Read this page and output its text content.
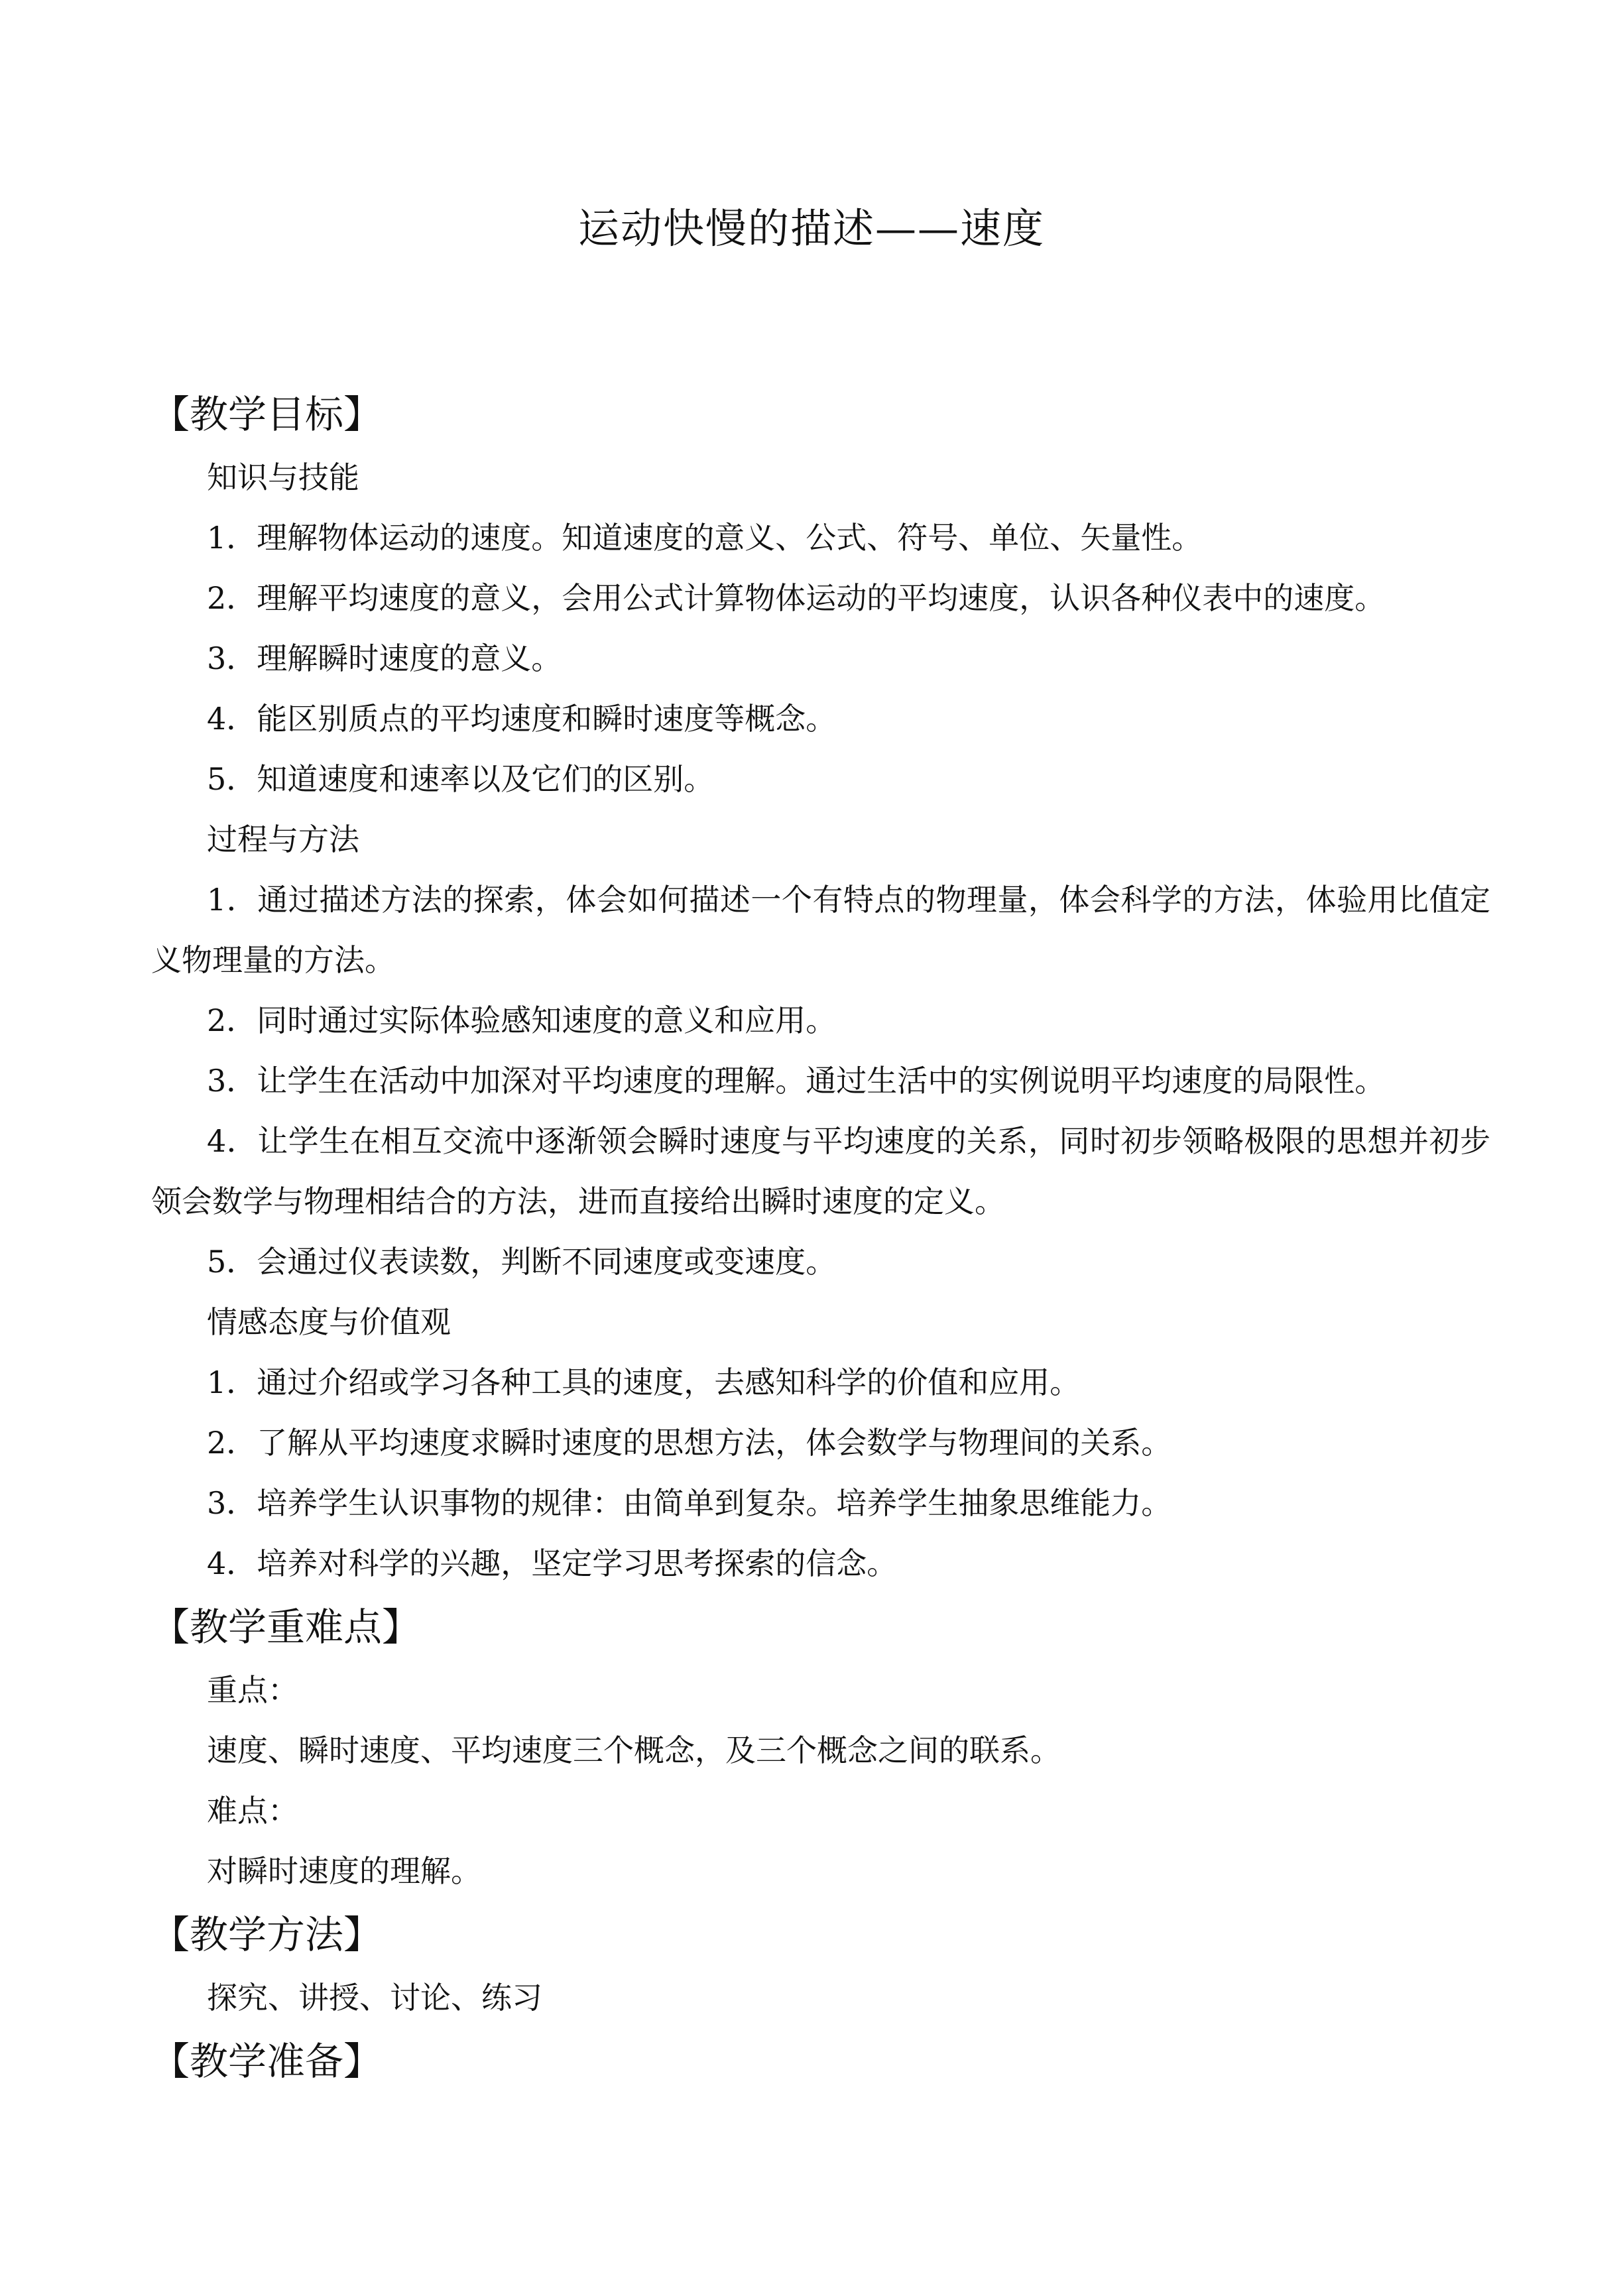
运动快慢的描述——速度
【教学目标】
知识与技能

1．理解物体运动的速度。知道速度的意义、公式、符号、单位、矢量性。

2．理解平均速度的意义，会用公式计算物体运动的平均速度，认识各种仪表中的速度。

3．理解瞬时速度的意义。

4．能区别质点的平均速度和瞬时速度等概念。

5．知道速度和速率以及它们的区别。

过程与方法

1．通过描述方法的探索，体会如何描述一个有特点的物理量，体会科学的方法，体验用比值定义物理量的方法。

2．同时通过实际体验感知速度的意义和应用。

3．让学生在活动中加深对平均速度的理解。通过生活中的实例说明平均速度的局限性。

4．让学生在相互交流中逐渐领会瞬时速度与平均速度的关系，同时初步领略极限的思想并初步领会数学与物理相结合的方法，进而直接给出瞬时速度的定义。

5．会通过仪表读数，判断不同速度或变速度。

情感态度与价值观

1．通过介绍或学习各种工具的速度，去感知科学的价值和应用。

2．了解从平均速度求瞬时速度的思想方法，体会数学与物理间的关系。

3．培养学生认识事物的规律：由简单到复杂。培养学生抽象思维能力。

4．培养对科学的兴趣，坚定学习思考探索的信念。

【教学重难点】
重点：

速度、瞬时速度、平均速度三个概念，及三个概念之间的联系。

难点：

对瞬时速度的理解。

【教学方法】

探究、讲授、讨论、练习

【教学准备】
